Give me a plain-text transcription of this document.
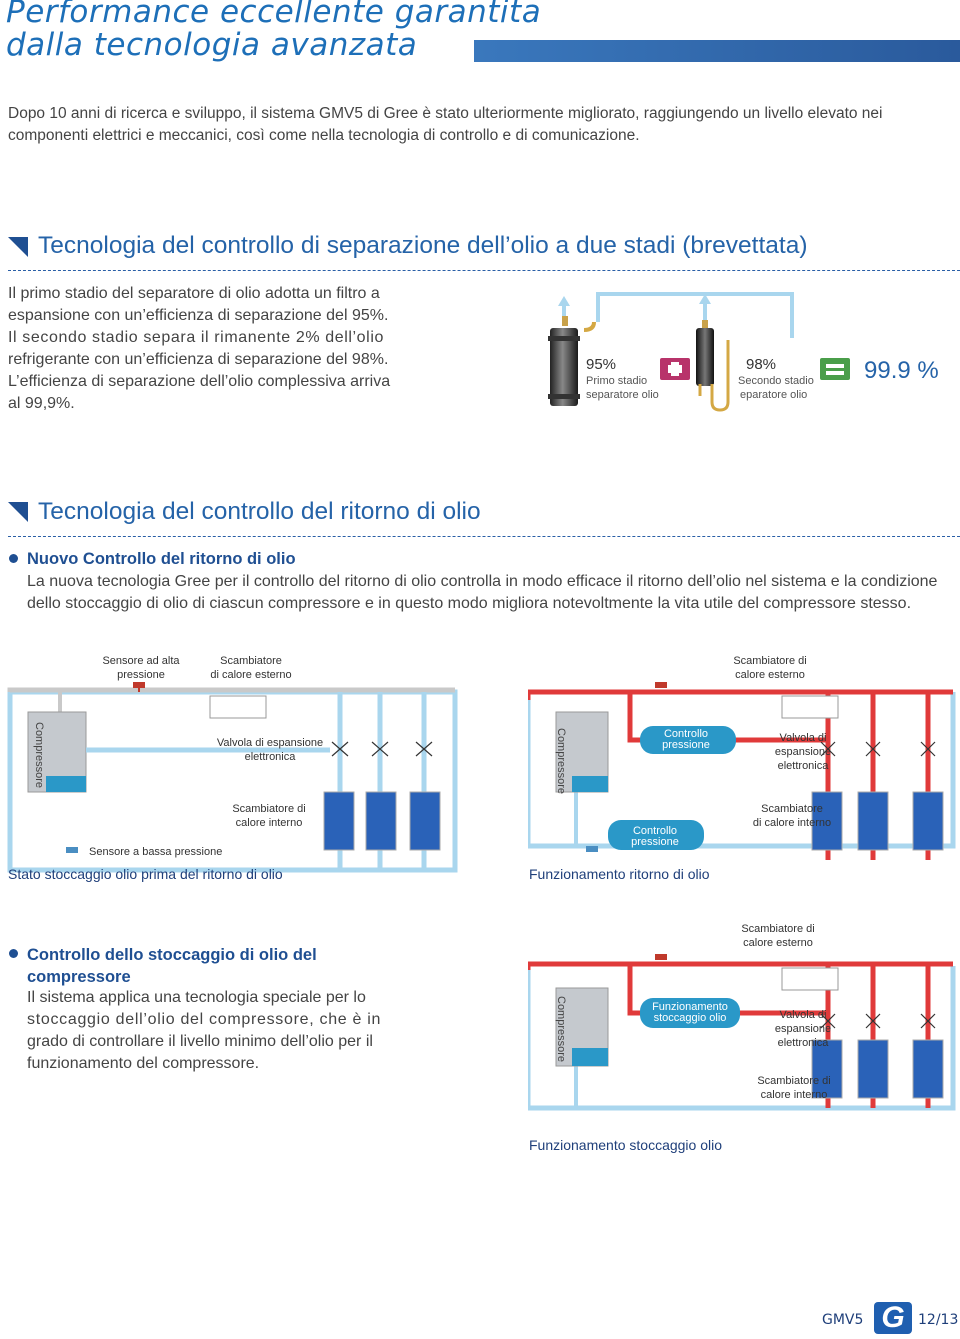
Performance eccellente garantita
dalla tecnologia avanzata
Dopo 10 anni di ricerca e sviluppo, il sistema GMV5 di Gree è stato ulteriormente migliorato, raggiungendo un livello elevato nei componenti elettrici e meccanici, così come nella tecnologia di controllo e di comunicazione.
Tecnologia del controllo di separazione dell’olio a due stadi (brevettata)
Il primo stadio del separatore di olio adotta un filtro a
espansione con un’efficienza di separazione del 95%.
Il secondo stadio separa il rimanente 2% dell’olio
refrigerante con un’efficienza di separazione del 98%.
L’efficienza di separazione dell’olio complessiva arriva
al 99,9%.
95%
Primo stadio
separatore olio
98%
Secondo stadio
eparatore olio
99.9 %
Tecnologia del controllo del ritorno di olio
Nuovo Controllo del ritorno di olio
La nuova tecnologia Gree per il controllo del ritorno di olio controlla in modo efficace il ritorno dell’olio nel sistema e la condizione dello stoccaggio di olio di ciascun compressore e in questo modo migliora notevoltmente la vita utile del compressore stesso.
Compressore
Sensore ad alta
pressione
Scambiatore
di calore esterno
Valvola di espansione
elettronica
Scambiatore di
calore interno
Sensore a bassa pressione
Stato stoccaggio olio prima del ritorno di olio
Compressore	Controllo
pressione
Controllo
pressione
Scambiatore di
calore esterno
Valvola di
espansione
elettronica
Scambiatore
di calore interno
Funzionamento ritorno di olio
Controllo dello stoccaggio di olio del
compressore
Il sistema applica una tecnologia speciale per lo
stoccaggio dell’olio del compressore, che è in
grado di controllare il livello minimo dell’olio per il
funzionamento del compressore.
Compressore	Funzionamento
stoccaggio olio
Scambiatore di
calore esterno
Valvola di
espansione
elettronica
Scambiatore di
calore interno
Funzionamento stoccaggio olio
GMV5 G 12/13
